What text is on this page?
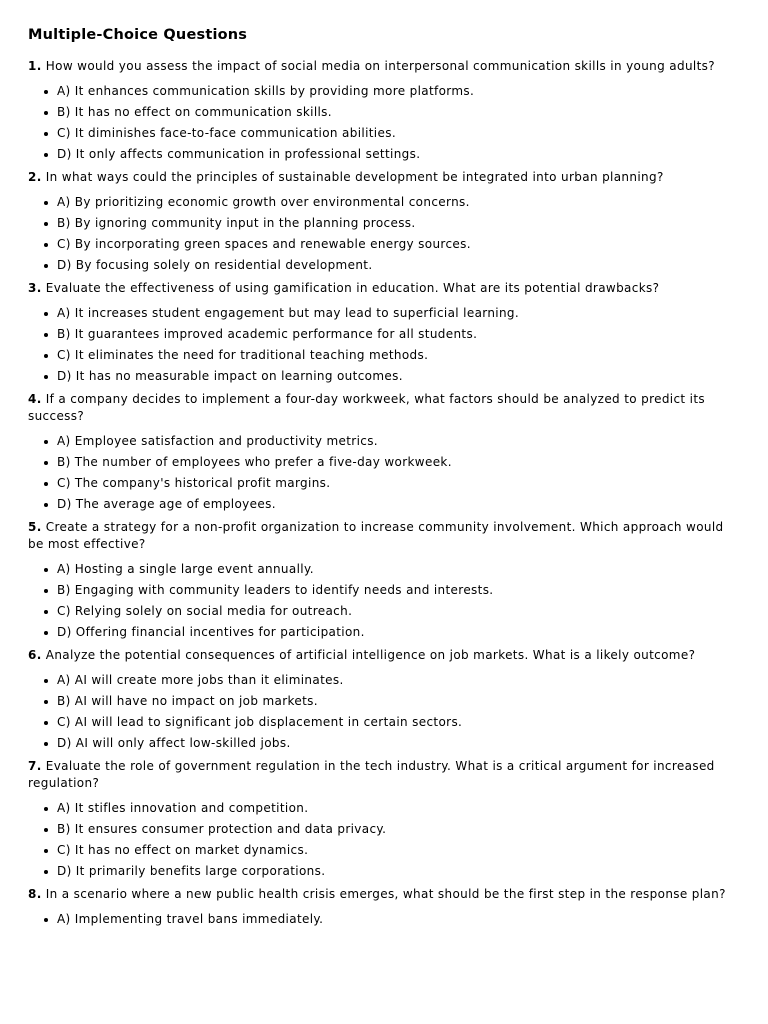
Multiple-Choice Questions

1. How would you assess the impact of social media on interpersonal communication skills in young adults?

A) It enhances communication skills by providing more platforms.
B) It has no effect on communication skills.
C) It diminishes face-to-face communication abilities.
D) It only affects communication in professional settings.

2. In what ways could the principles of sustainable development be integrated into urban planning?

A) By prioritizing economic growth over environmental concerns.
B) By ignoring community input in the planning process.
C) By incorporating green spaces and renewable energy sources.
D) By focusing solely on residential development.

3. Evaluate the effectiveness of using gamification in education. What are its potential drawbacks?

A) It increases student engagement but may lead to superficial learning.
B) It guarantees improved academic performance for all students.
C) It eliminates the need for traditional teaching methods.
D) It has no measurable impact on learning outcomes.

4. If a company decides to implement a four-day workweek, what factors should be analyzed to predict its success?

A) Employee satisfaction and productivity metrics.
B) The number of employees who prefer a five-day workweek.
C) The company's historical profit margins.
D) The average age of employees.

5. Create a strategy for a non-profit organization to increase community involvement. Which approach would be most effective?

A) Hosting a single large event annually.
B) Engaging with community leaders to identify needs and interests.
C) Relying solely on social media for outreach.
D) Offering financial incentives for participation.

6. Analyze the potential consequences of artificial intelligence on job markets. What is a likely outcome?

A) AI will create more jobs than it eliminates.
B) AI will have no impact on job markets.
C) AI will lead to significant job displacement in certain sectors.
D) AI will only affect low-skilled jobs.

7. Evaluate the role of government regulation in the tech industry. What is a critical argument for increased regulation?

A) It stifles innovation and competition.
B) It ensures consumer protection and data privacy.
C) It has no effect on market dynamics.
D) It primarily benefits large corporations.

8. In a scenario where a new public health crisis emerges, what should be the first step in the response plan?

A) Implementing travel bans immediately.
